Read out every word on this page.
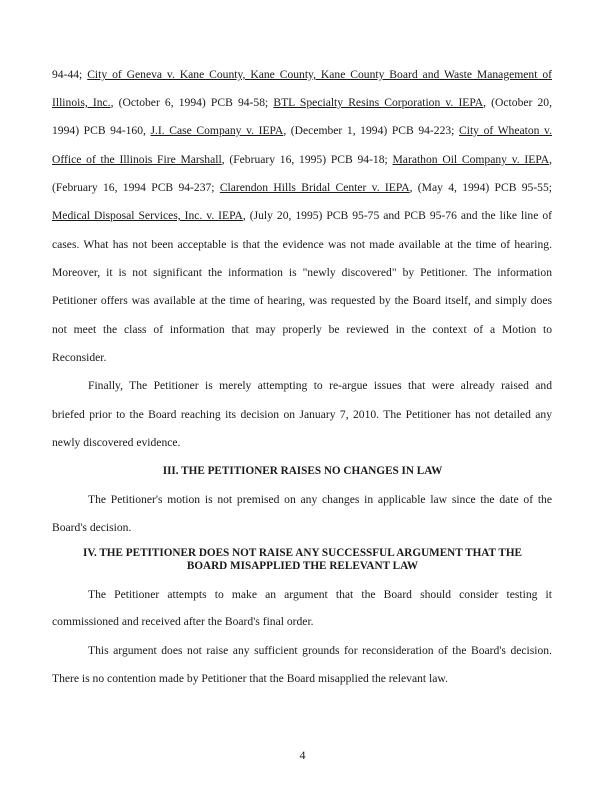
94-44; City of Geneva v. Kane County, Kane County, Kane County Board and Waste Management of
Illinois, Inc., (October 6, 1994) PCB 94-58; BTL Specialty Resins Corporation v. IEPA, (October 20,
1994) PCB 94-160, J.I. Case Company v. IEPA, (December 1, 1994) PCB 94-223; City of Wheaton v.
Office of the Illinois Fire Marshall, (February 16, 1995) PCB 94-18; Marathon Oil Company v. IEPA,
(February 16, 1994 PCB 94-237; Clarendon Hills Bridal Center v. IEPA, (May 4, 1994) PCB 95-55;
Medical Disposal Services, Inc. v. IEPA, (July 20, 1995) PCB 95-75 and PCB 95-76 and the like line of
cases. What has not been acceptable is that the evidence was not made available at the time of hearing.
Moreover, it is not significant the information is "newly discovered" by Petitioner. The information
Petitioner offers was available at the time of hearing, was requested by the Board itself, and simply does
not meet the class of information that may properly be reviewed in the context of a Motion to
Reconsider.
Finally, The Petitioner is merely attempting to re-argue issues that were already raised and
briefed prior to the Board reaching its decision on January 7, 2010. The Petitioner has not detailed any
newly discovered evidence.
III. THE PETITIONER RAISES NO CHANGES IN LAW
The Petitioner's motion is not premised on any changes in applicable law since the date of the
Board's decision.
IV. THE PETITIONER DOES NOT RAISE ANY SUCCESSFUL ARGUMENT THAT THE
BOARD MISAPPLIED THE RELEVANT LAW
The Petitioner attempts to make an argument that the Board should consider testing it
commissioned and received after the Board's final order.
This argument does not raise any sufficient grounds for reconsideration of the Board's decision.
There is no contention made by Petitioner that the Board misapplied the relevant law.
4
